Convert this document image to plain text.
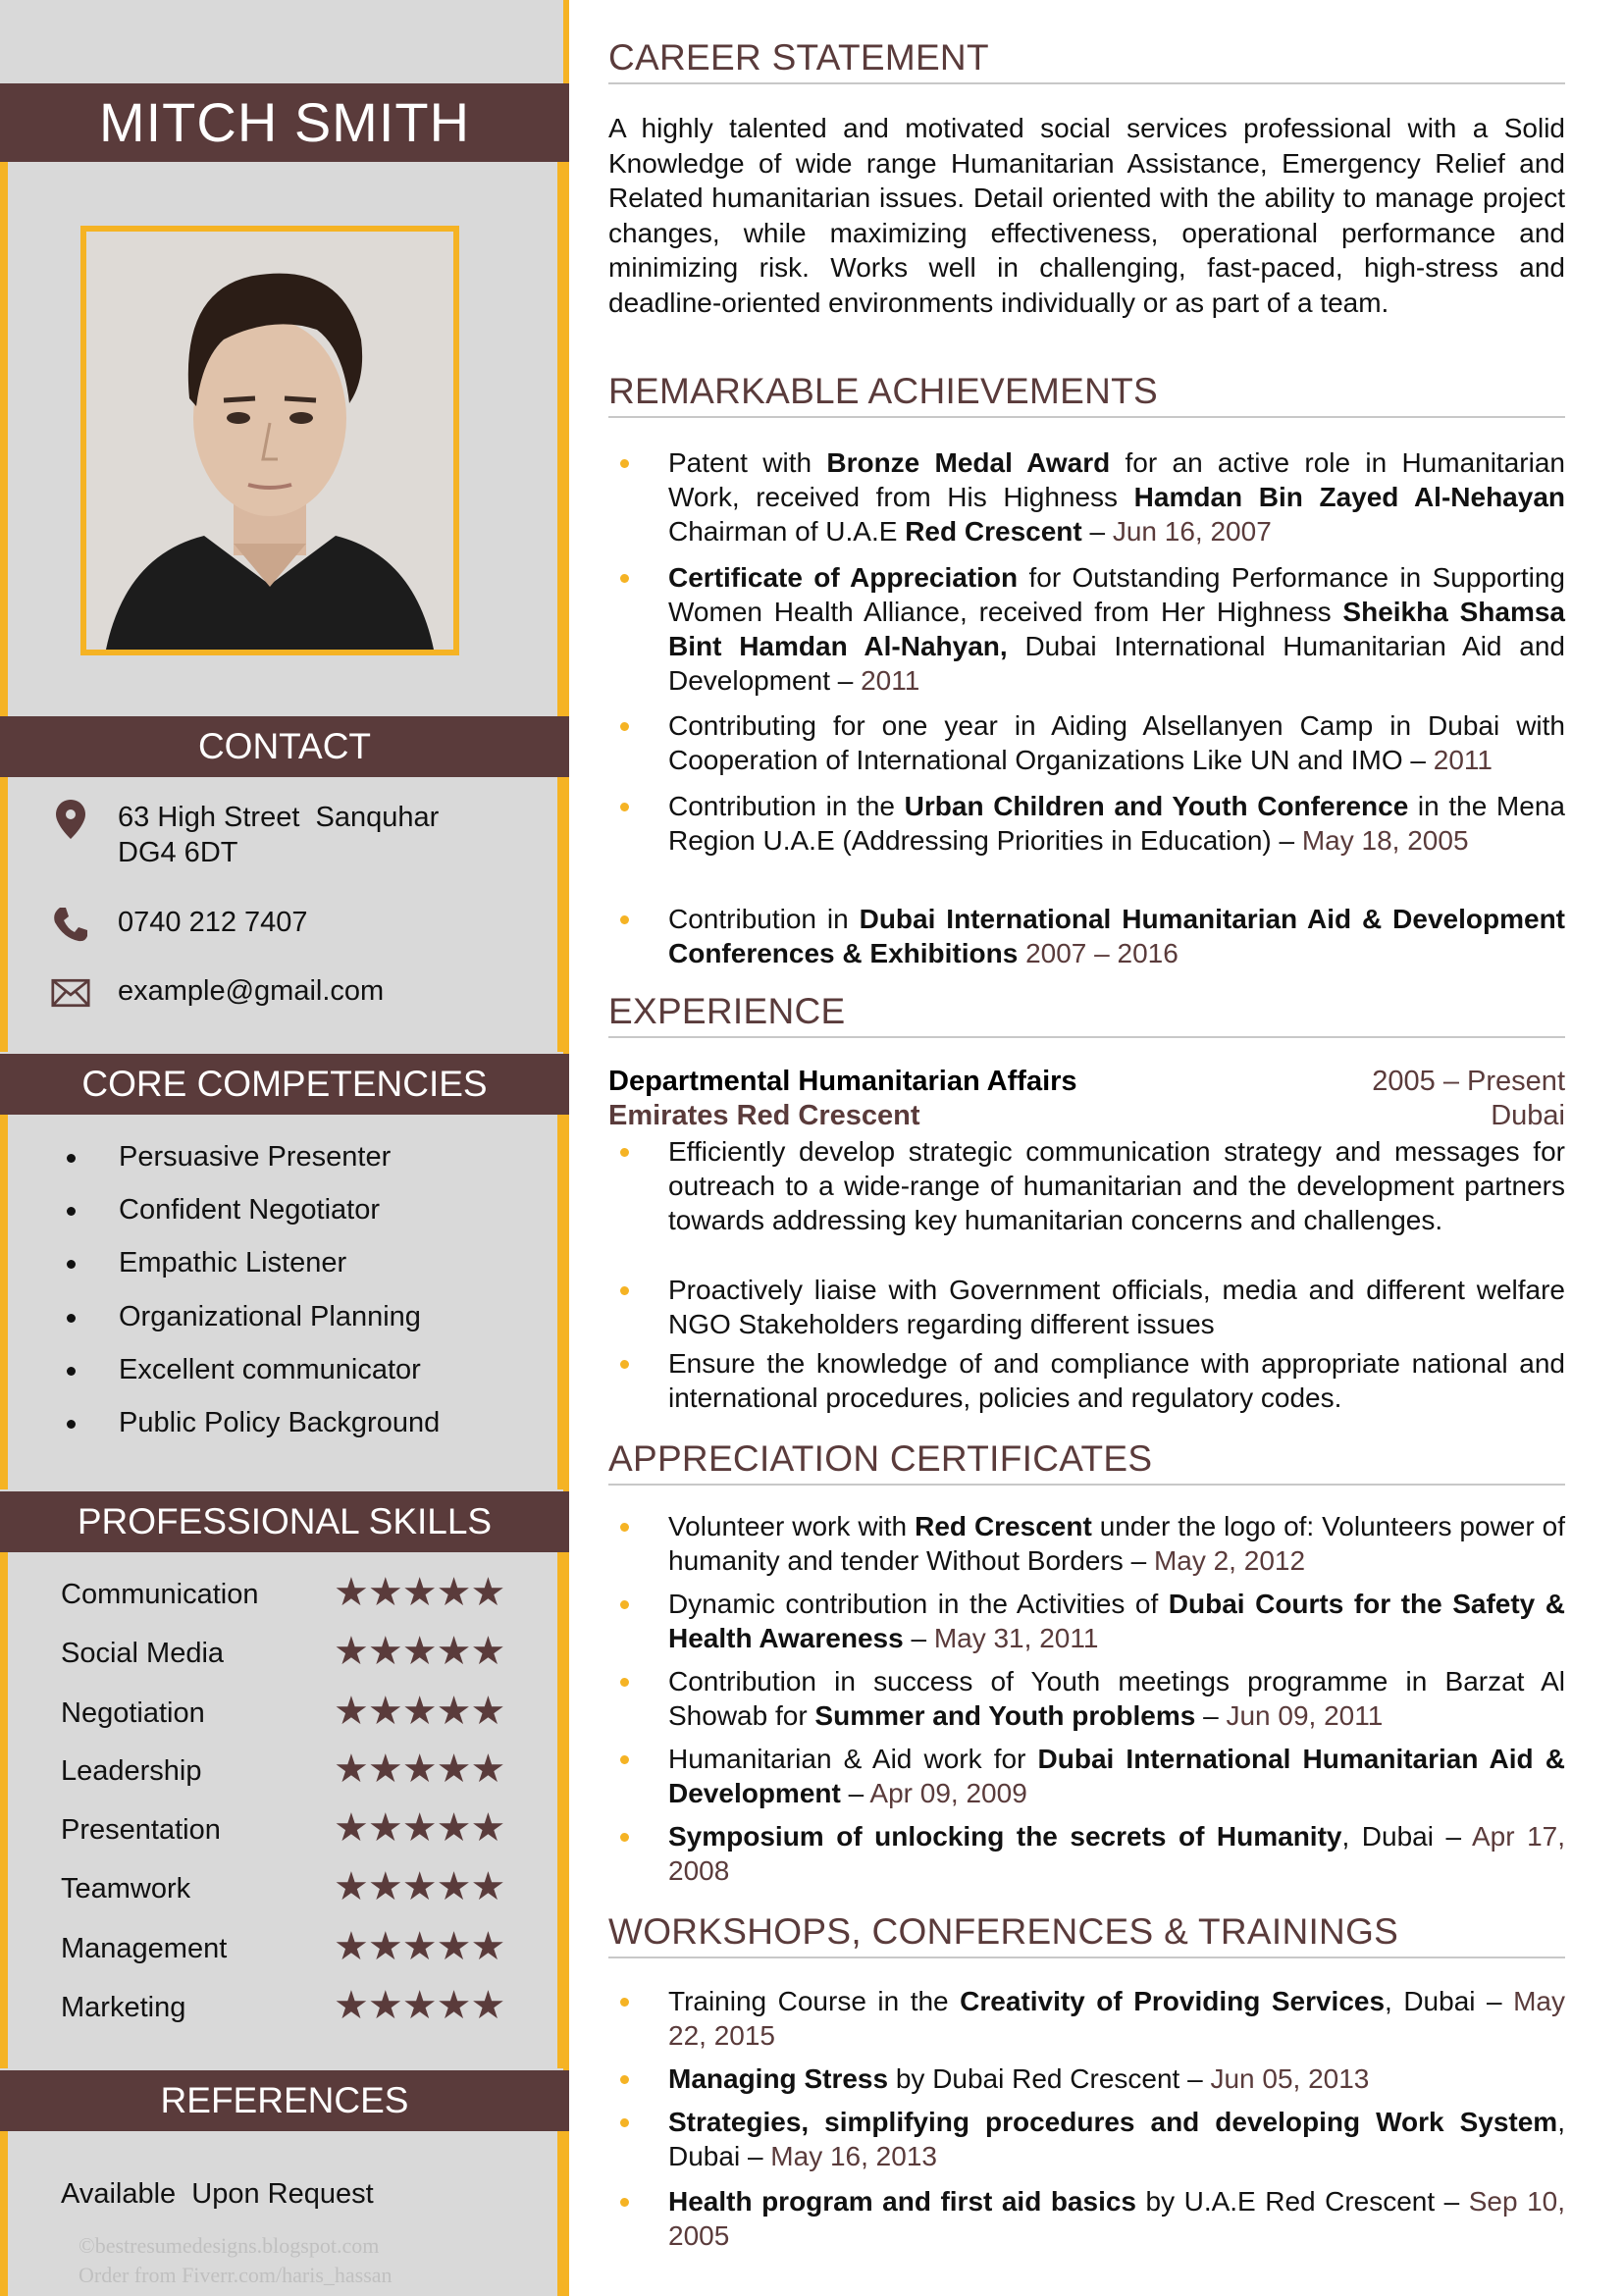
MITCH SMITH
CONTACT
63 High Street  Sanquhar
DG4 6DT
0740 212 7407
example@gmail.com
CORE COMPETENCIES
Persuasive Presenter
Confident Negotiator
Empathic Listener
Organizational Planning
Excellent communicator
Public Policy Background
PROFESSIONAL SKILLS
Communication ★★★★★
Social Media	★★★★★
Negotiation	★★★★★
Leadership	★★★★★
Presentation	★★★★★
Teamwork	★★★★★
Management	★★★★★
Marketing	★★★★★
REFERENCES
Available  Upon Request
©bestresumedesigns.blogspot.com
Order from Fiverr.com/haris_hassan
CAREER STATEMENT
A highly talented and motivated social services professional with a Solid Knowledge of wide range Humanitarian Assistance, Emergency Relief and Related humanitarian issues. Detail oriented with the ability to manage project changes, while maximizing effectiveness, operational performance and minimizing risk. Works well in challenging, fast-paced, high-stress and deadline-oriented environments individually or as part of a team.
REMARKABLE ACHIEVEMENTS
Patent with Bronze Medal Award for an active role in Humanitarian Work, received from His Highness Hamdan Bin Zayed Al-Nehayan Chairman of U.A.E Red Crescent – Jun 16, 2007
Certificate of Appreciation for Outstanding Performance in Supporting Women Health Alliance, received from Her Highness Sheikha Shamsa Bint Hamdan Al-Nahyan, Dubai International Humanitarian Aid and Development – 2011
Contributing for one year in Aiding Alsellanyen Camp in Dubai with Cooperation of International Organizations Like UN and IMO – 2011
Contribution in the Urban Children and Youth Conference in the Mena Region U.A.E (Addressing Priorities in Education) – May 18, 2005
Contribution in Dubai International Humanitarian Aid & Development Conferences & Exhibitions 2007 – 2016
EXPERIENCE
Departmental Humanitarian Affairs	2005 – Present
Emirates Red Crescent	Dubai
Efficiently develop strategic communication strategy and messages for outreach to a wide-range of humanitarian and the development partners towards addressing key humanitarian concerns and challenges.
Proactively liaise with Government officials, media and different welfare NGO Stakeholders regarding different issues
Ensure the knowledge of and compliance with appropriate national and international procedures, policies and regulatory codes.
APPRECIATION CERTIFICATES
Volunteer work with Red Crescent under the logo of: Volunteers power of humanity and tender Without Borders – May 2, 2012
Dynamic contribution in the Activities of Dubai Courts for the Safety & Health Awareness – May 31, 2011
Contribution in success of Youth meetings programme in Barzat Al Showab for Summer and Youth problems – Jun 09, 2011
Humanitarian & Aid work for Dubai International Humanitarian Aid & Development – Apr 09, 2009
Symposium of unlocking the secrets of Humanity, Dubai – Apr 17, 2008
WORKSHOPS, CONFERENCES & TRAININGS
Training Course in the Creativity of Providing Services, Dubai – May 22, 2015
Managing Stress by Dubai Red Crescent – Jun 05, 2013
Strategies, simplifying procedures and developing Work System, Dubai – May 16, 2013
Health program and first aid basics by U.A.E Red Crescent – Sep 10, 2005
